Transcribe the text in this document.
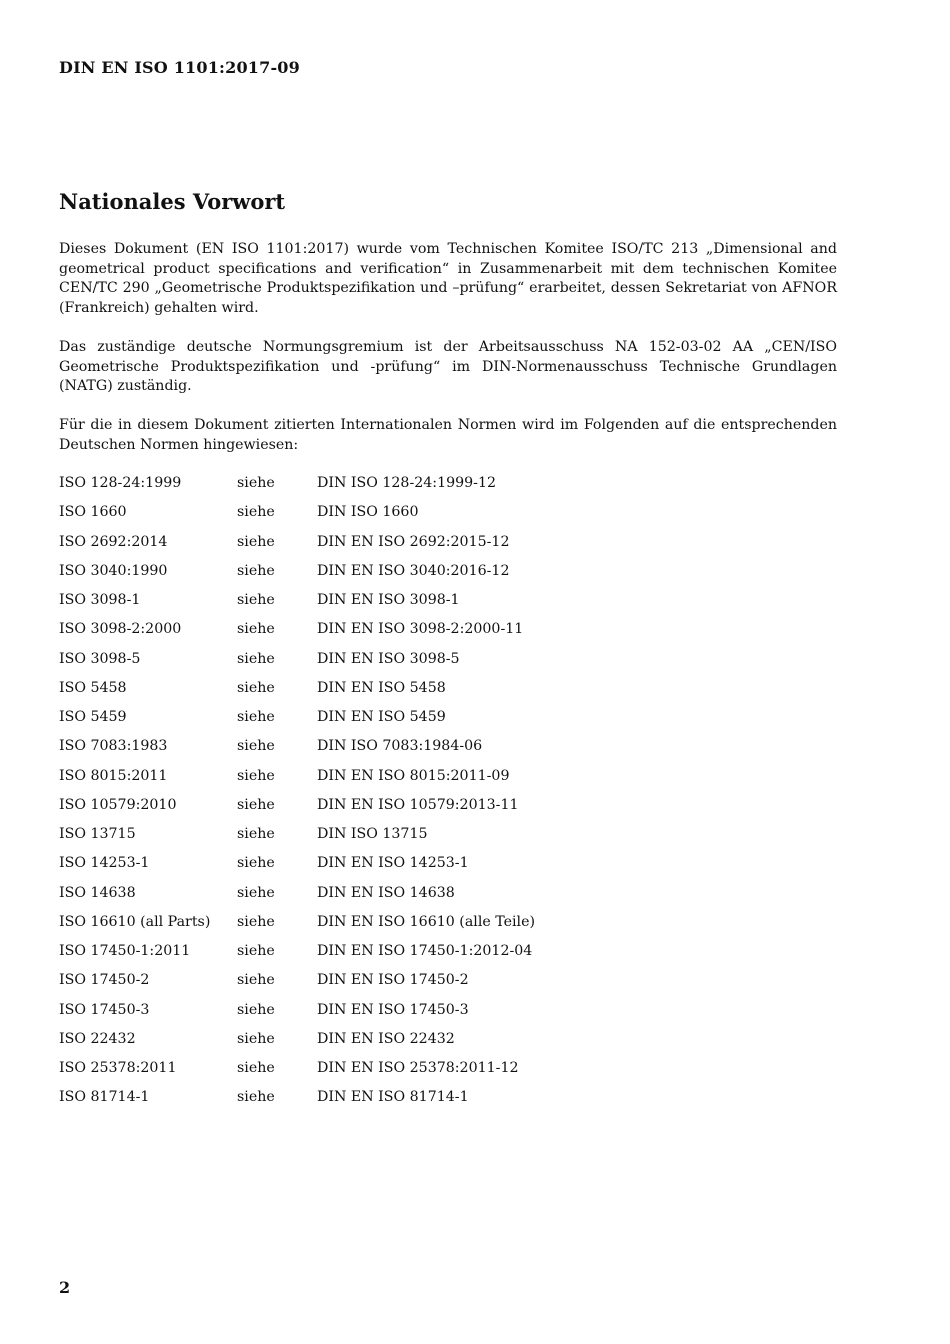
DIN EN ISO 1101:2017-09
Nationales Vorwort

Dieses Dokument (EN ISO 1101:2017) wurde vom Technischen Komitee ISO/TC 213 „Dimensional and geometrical product specifications and verification“ in Zusammenarbeit mit dem technischen Komitee CEN/TC 290 „Geometrische Produktspezifikation und –prüfung“ erarbeitet, dessen Sekretariat von AFNOR (Frankreich) gehalten wird.

Das zuständige deutsche Normungsgremium ist der Arbeitsausschuss NA 152-03-02 AA „CEN/ISO Geometrische Produktspezifikation und -prüfung“ im DIN-Normenausschuss Technische Grundlagen (NATG) zuständig.

Für die in diesem Dokument zitierten Internationalen Normen wird im Folgenden auf die entsprechenden Deutschen Normen hingewiesen:

ISO 128-24:1999	siehe	DIN ISO 128-24:1999-12
ISO 1660	siehe	DIN ISO 1660
ISO 2692:2014	siehe	DIN EN ISO 2692:2015-12
ISO 3040:1990	siehe	DIN EN ISO 3040:2016-12
ISO 3098-1	siehe	DIN EN ISO 3098-1
ISO 3098-2:2000	siehe	DIN EN ISO 3098-2:2000-11
ISO 3098-5	siehe	DIN EN ISO 3098-5
ISO 5458	siehe	DIN EN ISO 5458
ISO 5459	siehe	DIN EN ISO 5459
ISO 7083:1983	siehe	DIN ISO 7083:1984-06
ISO 8015:2011	siehe	DIN EN ISO 8015:2011-09
ISO 10579:2010	siehe	DIN EN ISO 10579:2013-11
ISO 13715	siehe	DIN ISO 13715
ISO 14253-1	siehe	DIN EN ISO 14253-1
ISO 14638	siehe	DIN EN ISO 14638
ISO 16610 (all Parts) siehe	DIN EN ISO 16610 (alle Teile)
ISO 17450-1:2011	siehe	DIN EN ISO 17450-1:2012-04
ISO 17450-2	siehe	DIN EN ISO 17450-2
ISO 17450-3	siehe	DIN EN ISO 17450-3
ISO 22432	siehe	DIN EN ISO 22432
ISO 25378:2011	siehe	DIN EN ISO 25378:2011-12
ISO 81714-1	siehe	DIN EN ISO 81714-1
2
